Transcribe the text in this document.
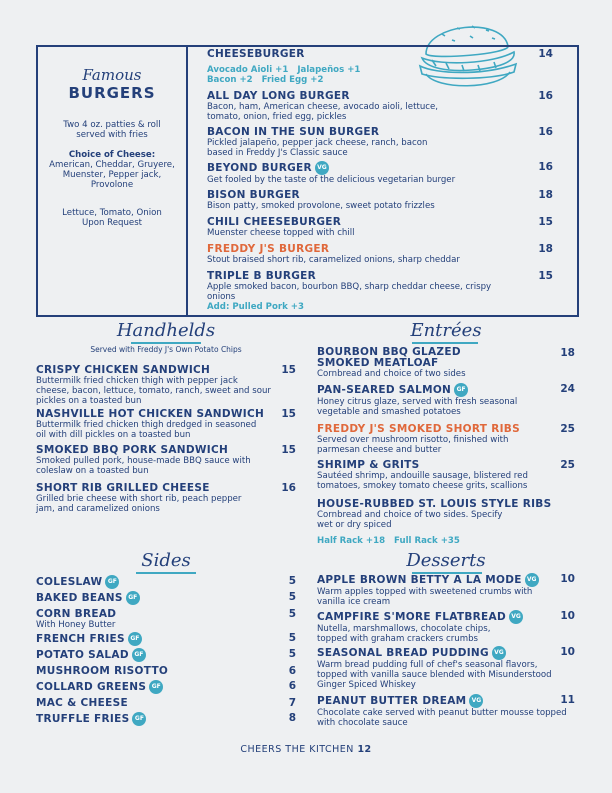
Famous
BURGERS
Two 4 oz. patties & roll served with fries
Choice of Cheese:
American, Cheddar, Gruyere, Muenster, Pepper jack, Provolone
Lettuce, Tomato, Onion Upon Request
CHEESEBURGER
Avocado Aioli +1 Jalapeños +1
Bacon +2 Fried Egg +2
14
ALL DAY LONG BURGER
Bacon, ham, American cheese, avocado aioli, lettuce, tomato, onion, fried egg, pickles
16
BACON IN THE SUN BURGER
Pickled jalapeño, pepper jack cheese, ranch, bacon based in Freddy J's Classic sauce
16
BEYOND BURGER VG
Get fooled by the taste of the delicious vegetarian burger
16
BISON BURGER
Bison patty, smoked provolone, sweet potato frizzles
18
CHILI CHEESEBURGER
Muenster cheese topped with chill
15
FREDDY J'S BURGER
Stout braised short rib, caramelized onions, sharp cheddar
18
TRIPLE B BURGER
Apple smoked bacon, bourbon BBQ, sharp cheddar cheese, crispy onions
Add: Pulled Pork +3
15
Handhelds
Served with Freddy J's Own Potato Chips
CRISPY CHICKEN SANDWICH
Buttermilk fried chicken thigh with pepper jack cheese, bacon, lettuce, tomato, ranch, sweet and sour pickles on a toasted bun
15
NASHVILLE HOT CHICKEN SANDWICH
Buttermilk fried chicken thigh dredged in seasoned oil with dill pickles on a toasted bun
15
SMOKED BBQ PORK SANDWICH
Smoked pulled pork, house-made BBQ sauce with coleslaw on a toasted bun
15
SHORT RIB GRILLED CHEESE
Grilled brie cheese with short rib, peach pepper jam, and caramelized onions
16
Entrées
BOURBON BBQ GLAZED SMOKED MEATLOAF
Cornbread and choice of two sides
18
PAN-SEARED SALMON GF
Honey citrus glaze, served with fresh seasonal vegetable and smashed potatoes
24
FREDDY J'S SMOKED SHORT RIBS
Served over mushroom risotto, finished with parmesan cheese and butter
25
SHRIMP & GRITS
Sautéed shrimp, andouille sausage, blistered red tomatoes, smokey tomato cheese grits, scallions
25
HOUSE-RUBBED ST. LOUIS STYLE RIBS
Cornbread and choice of two sides. Specify wet or dry spiced
Half Rack +18 Full Rack +35
Sides
COLESLAW GF	5
BAKED BEANS GF	5
CORN BREAD
With Honey Butter
5
FRENCH FRIES GF	5
POTATO SALAD GF	5
MUSHROOM RISOTTO	6
COLLARD GREENS GF	6
MAC & CHEESE	7
TRUFFLE FRIES GF	8
Desserts
APPLE BROWN BETTY A LA MODE VG
Warm apples topped with sweetened crumbs with vanilla ice cream
10
CAMPFIRE S'MORE FLATBREAD VG
Nutella, marshmallows, chocolate chips, topped with graham crackers crumbs
10
SEASONAL BREAD PUDDING VG
Warm bread pudding full of chef's seasonal flavors, topped with vanilla sauce blended with Misunderstood Ginger Spiced Whiskey
10
PEANUT BUTTER DREAM VG
Chocolate cake served with peanut butter mousse topped with chocolate sauce
11
CHEERS THE KITCHEN 12
